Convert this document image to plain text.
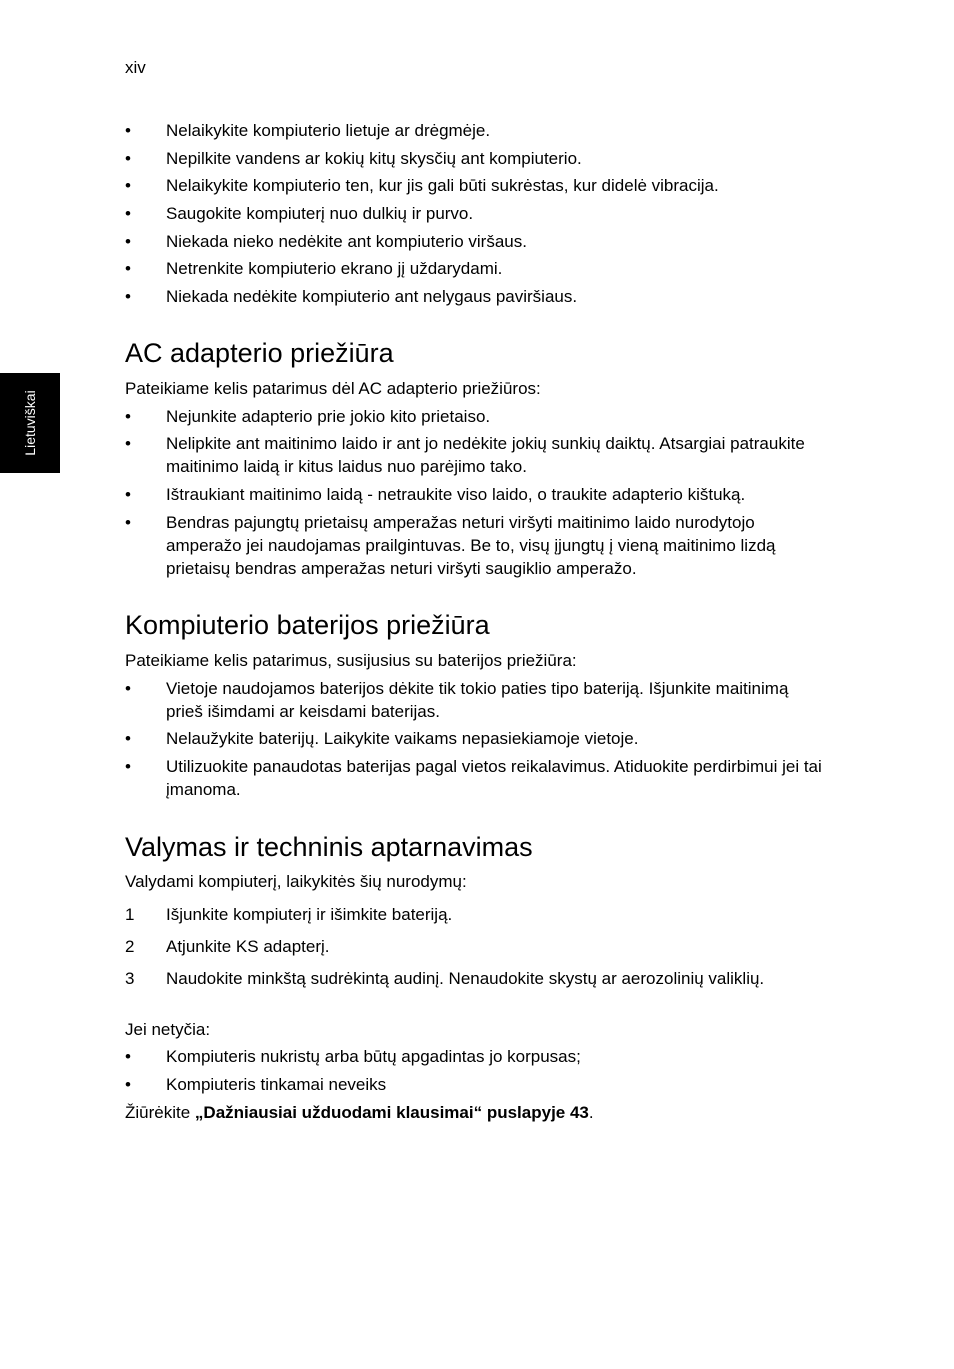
xiv
Lietuviškai
• Nelaikykite kompiuterio lietuje ar drėgmėje.
• Nepilkite vandens ar kokių kitų skysčių ant kompiuterio.
• Nelaikykite kompiuterio ten, kur jis gali būti sukrėstas, kur didelė vibracija.
• Saugokite kompiuterį nuo dulkių ir purvo.
• Niekada nieko nedėkite ant kompiuterio viršaus.
• Netrenkite kompiuterio ekrano jį uždarydami.
• Niekada nedėkite kompiuterio ant nelygaus paviršiaus.
AC adapterio priežiūra
Pateikiame kelis patarimus dėl AC adapterio priežiūros:
• Nejunkite adapterio prie jokio kito prietaiso.
• Nelipkite ant maitinimo laido ir ant jo nedėkite jokių sunkių daiktų. Atsargiai patraukite maitinimo laidą ir kitus laidus nuo parėjimo tako.
• Ištraukiant maitinimo laidą - netraukite viso laido, o traukite adapterio kištuką.
• Bendras pajungtų prietaisų amperažas neturi viršyti maitinimo laido nurodytojo amperažo jei naudojamas prailgintuvas. Be to, visų įjungtų į vieną maitinimo lizdą prietaisų bendras amperažas neturi viršyti saugiklio amperažo.
Kompiuterio baterijos priežiūra
Pateikiame kelis patarimus, susijusius su baterijos priežiūra:
• Vietoje naudojamos baterijos dėkite tik tokio paties tipo bateriją. Išjunkite maitinimą prieš išimdami ar keisdami baterijas.
• Nelaužykite baterijų. Laikykite vaikams nepasiekiamoje vietoje.
• Utilizuokite panaudotas baterijas pagal vietos reikalavimus. Atiduokite perdirbimui jei tai įmanoma.
Valymas ir techninis aptarnavimas
Valydami kompiuterį, laikykitės šių nurodymų:
1 Išjunkite kompiuterį ir išimkite bateriją.
2 Atjunkite KS adapterį.
3 Naudokite minkštą sudrėkintą audinį. Nenaudokite skystų ar aerozolinių valiklių.
Jei netyčia:
• Kompiuteris nukristų arba būtų apgadintas jo korpusas;
• Kompiuteris tinkamai neveiks
Žiūrėkite „Dažniausiai užduodami klausimai“ puslapyje 43.
